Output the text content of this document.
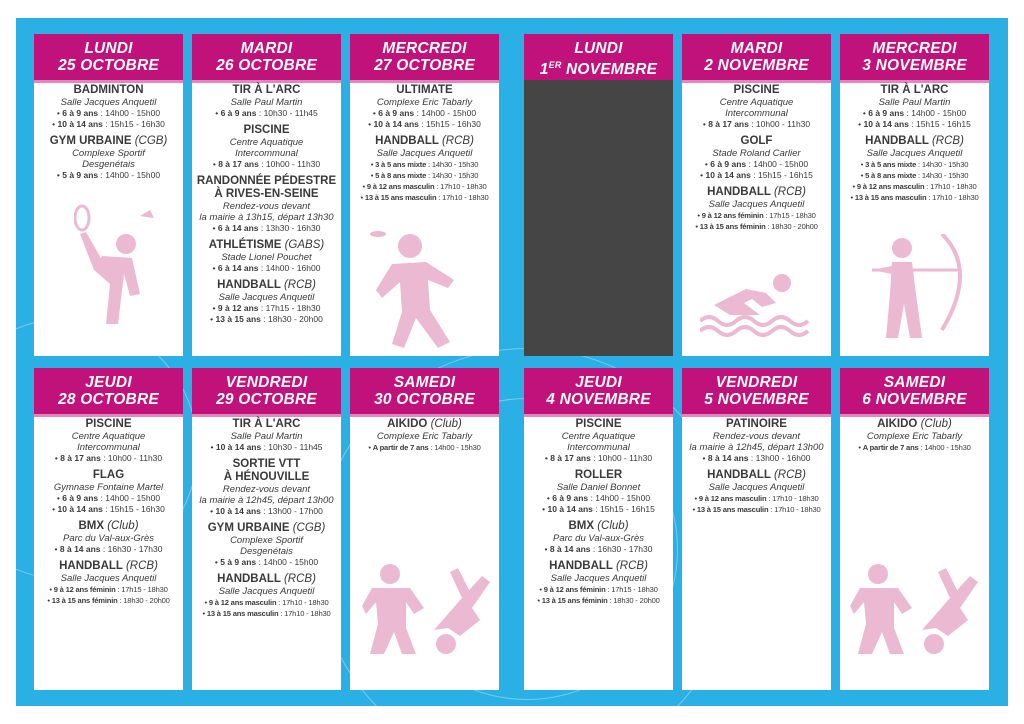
LUNDI
25 OCTOBRE
BADMINTON
Salle Jacques Anquetil
• 6 à 9 ans : 14h00 - 15h00
• 10 à 14 ans : 15h15 - 16h30
GYM URBAINE (CGB)
Complexe Sportif
Desgenétais
• 5 à 9 ans : 14h00 - 15h00
MARDI
26 OCTOBRE
TIR À L'ARC
Salle Paul Martin
• 6 à 9 ans : 10h30 - 11h45
PISCINE
Centre Aquatique
Intercommunal
• 8 à 17 ans : 10h00 - 11h30
RANDONNÉE PÉDESTRE
À RIVES-EN-SEINE
Rendez-vous devant
la mairie à 13h15, départ 13h30
• 6 à 14 ans : 13h30 - 16h30
ATHLÉTISME (GABS)
Stade Lionel Pouchet
• 6 à 14 ans : 14h00 - 16h00
HANDBALL (RCB)
Salle Jacques Anquetil
• 9 à 12 ans : 17h15 - 18h30
• 13 à 15 ans : 18h30 - 20h00
MERCREDI
27 OCTOBRE
ULTIMATE
Complexe Eric Tabarly
• 6 à 9 ans : 14h00 - 15h00
• 10 à 14 ans : 15h15 - 16h30
HANDBALL (RCB)
Salle Jacques Anquetil
• 3 à 5 ans mixte : 14h30 - 15h30
• 5 à 8 ans mixte : 14h30 - 15h30
• 9 à 12 ans masculin : 17h10 - 18h30
• 13 à 15 ans masculin : 17h10 - 18h30
LUNDI
1ER NOVEMBRE
MARDI
2 NOVEMBRE
PISCINE
Centre Aquatique
Intercommunal
• 8 à 17 ans : 10h00 - 11h30
GOLF
Stade Roland Carlier
• 6 à 9 ans : 14h00 - 15h00
• 10 à 14 ans : 15h15 - 16h15
HANDBALL (RCB)
Salle Jacques Anquetil
• 9 à 12 ans féminin : 17h15 - 18h30
• 13 à 15 ans féminin : 18h30 - 20h00
MERCREDI
3 NOVEMBRE
TIR À L'ARC
Salle Paul Martin
• 6 à 9 ans : 14h00 - 15h00
• 10 à 14 ans : 15h15 - 16h15
HANDBALL (RCB)
Salle Jacques Anquetil
• 3 à 5 ans mixte : 14h30 - 15h30
• 5 à 8 ans mixte : 14h30 - 15h30
• 9 à 12 ans masculin : 17h10 - 18h30
• 13 à 15 ans masculin : 17h10 - 18h30
JEUDI
28 OCTOBRE
PISCINE
Centre Aquatique
Intercommunal
• 8 à 17 ans : 10h00 - 11h30
FLAG
Gymnase Fontaine Martel
• 6 à 9 ans : 14h00 - 15h00
• 10 à 14 ans : 15h15 - 16h30
BMX (Club)
Parc du Val-aux-Grès
• 8 à 14 ans : 16h30 - 17h30
HANDBALL (RCB)
Salle Jacques Anquetil
• 9 à 12 ans féminin : 17h15 - 18h30
• 13 à 15 ans féminin : 18h30 - 20h00
VENDREDI
29 OCTOBRE
TIR À L'ARC
Salle Paul Martin
• 10 à 14 ans : 10h30 - 11h45
SORTIE VTT
À HÉNOUVILLE
Rendez-vous devant
la mairie à 12h45, départ 13h00
• 10 à 14 ans : 13h00 - 17h00
GYM URBAINE (CGB)
Complexe Sportif
Desgenétais
• 5 à 9 ans : 14h00 - 15h00
HANDBALL (RCB)
Salle Jacques Anquetil
• 9 à 12 ans masculin : 17h10 - 18h30
• 13 à 15 ans masculin : 17h10 - 18h30
SAMEDI
30 OCTOBRE
AIKIDO (Club)
Complexe Eric Tabarly
• A partir de 7 ans : 14h00 - 15h30
JEUDI
4 NOVEMBRE
PISCINE
Centre Aquatique
Intercommunal
• 8 à 17 ans : 10h00 - 11h30
ROLLER
Salle Daniel Bonnet
• 6 à 9 ans : 14h00 - 15h00
• 10 à 14 ans : 15h15 - 16h15
BMX (Club)
Parc du Val-aux-Grès
• 8 à 14 ans : 16h30 - 17h30
HANDBALL (RCB)
Salle Jacques Anquetil
• 9 à 12 ans féminin : 17h15 - 18h30
• 13 à 15 ans féminin : 18h30 - 20h00
VENDREDI
5 NOVEMBRE
PATINOIRE
Rendez-vous devant
la mairie à 12h45, départ 13h00
• 8 à 14 ans : 13h00 - 16h00
HANDBALL (RCB)
Salle Jacques Anquetil
• 9 à 12 ans masculin : 17h10 - 18h30
• 13 à 15 ans masculin : 17h10 - 18h30
SAMEDI
6 NOVEMBRE
AIKIDO (Club)
Complexe Eric Tabarly
• A partir de 7 ans : 14h00 - 15h30
